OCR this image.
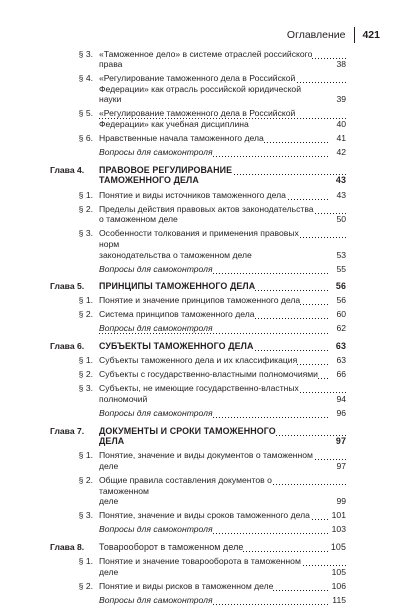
Оглавление 421
§ 3. «Таможенное дело» в системе отраслей российского
права	38
§ 4. «Регулирование таможенного дела в Российской
Федерации» как отрасль российской юридической
науки	39
§ 5. «Регулирование таможенного дела в Российской
Федерации» как учебная дисциплина	40
§ 6. Нравственные начала таможенного дела	41
Вопросы для самоконтроля	42
Глава 4.	ПРАВОВОЕ РЕГУЛИРОВАНИЕ
ТАМОЖЕННОГО ДЕЛА	43
§ 1. Понятие и виды источников таможенного дела	43
§ 2. Пределы действия правовых актов законодательства
о таможенном деле	50
§ 3. Особенности толкования и применения правовых норм
законодательства о таможенном деле	53
Вопросы для самоконтроля	55
Глава 5.	ПРИНЦИПЫ ТАМОЖЕННОГО ДЕЛА	56
§ 1. Понятие и значение принципов таможенного дела	56
§ 2. Система принципов таможенного дела	60
Вопросы для самоконтроля	62
Глава 6.	СУБЪЕКТЫ ТАМОЖЕННОГО ДЕЛА	63
§ 1. Субъекты таможенного дела и их классификация	63
§ 2. Субъекты с государственно-властными полномочиями	66
§ 3. Субъекты, не имеющие государственно-властных
полномочий	94
Вопросы для самоконтроля	96
Глава 7.	ДОКУМЕНТЫ И СРОКИ ТАМОЖЕННОГО
ДЕЛА	97
§ 1. Понятие, значение и виды документов о таможенном
деле	97
§ 2. Общие правила составления документов о таможенном
деле	99
§ 3. Понятие, значение и виды сроков таможенного дела	101
Вопросы для самоконтроля	103
Глава 8.	Товарооборот в таможенном деле	105
§ 1. Понятие и значение товарооборота в таможенном деле	105
§ 2. Понятие и виды рисков в таможенном деле	106
Вопросы для самоконтроля	115
